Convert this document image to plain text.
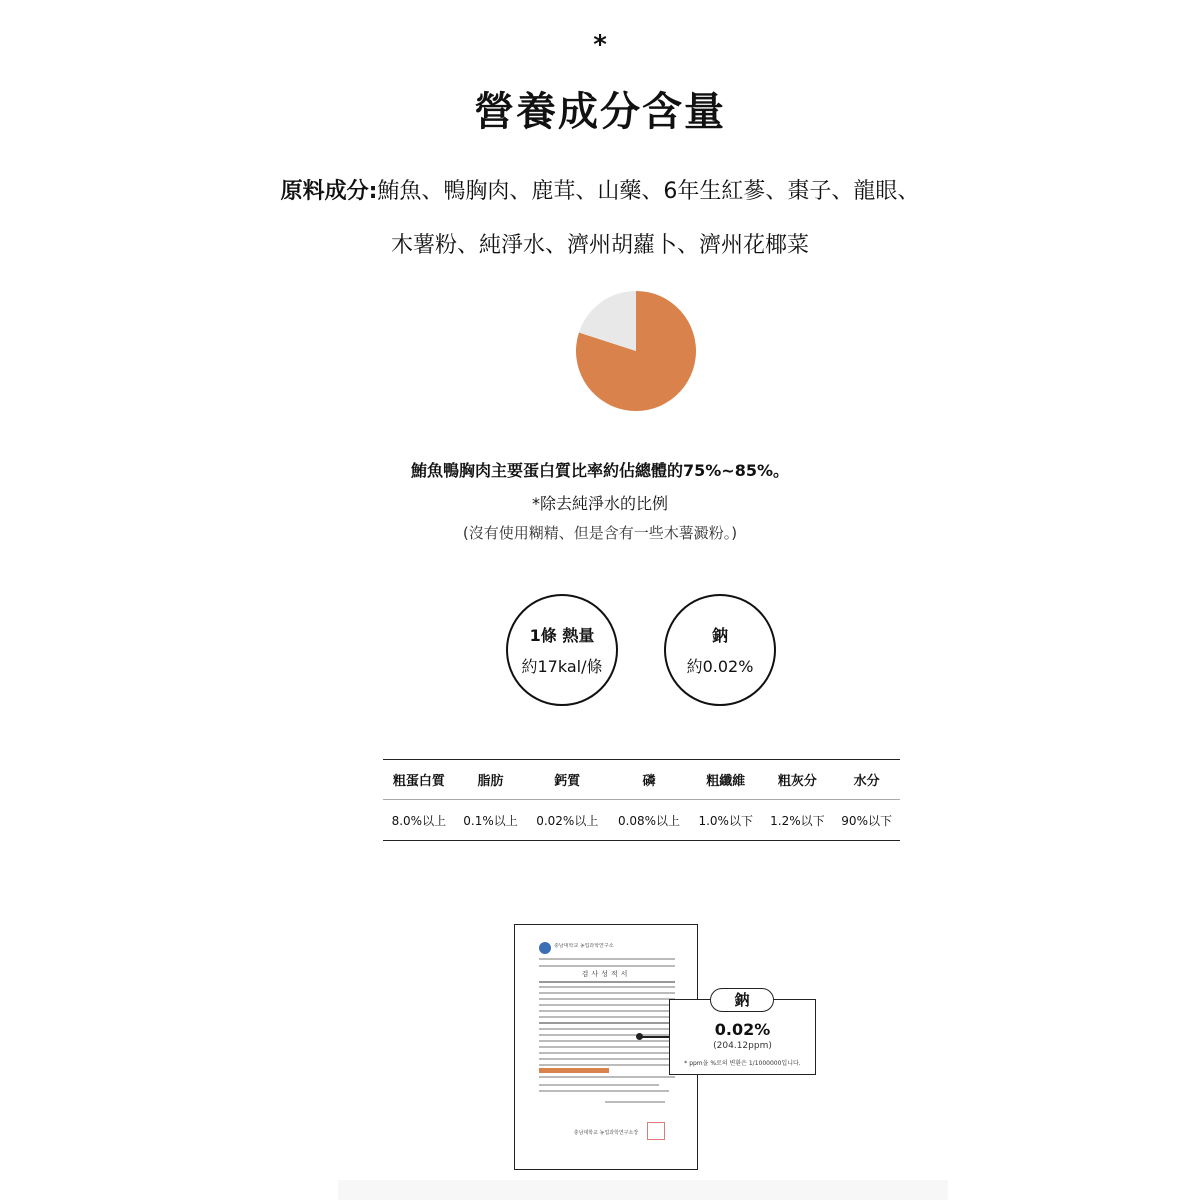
*
營養成分含量
原料成分:鮪魚、鴨胸肉、鹿茸、山藥、6年生紅蔘、棗子、龍眼、
木薯粉、純淨水、濟州胡蘿卜、濟州花椰菜
鮪魚鴨胸肉主要蛋白質比率約佔總體的75%~85%。
*除去純淨水的比例
(沒有使用糊精、但是含有一些木薯澱粉。)
1條 熱量
約17kal/條
鈉
約0.02%
粗蛋白質	脂肪	鈣質	磷	粗纖維	粗灰分	水分
8.0%以上	0.1%以上	0.02%以上	0.08%以上	1.0%以下	1.2%以下	90%以下
충남대학교 농업과학연구소
검사성적서
충남대학교 농업과학연구소장
鈉
0.02%
(204.12ppm)
* ppm을 %로의 변환은 1/1000000입니다.
